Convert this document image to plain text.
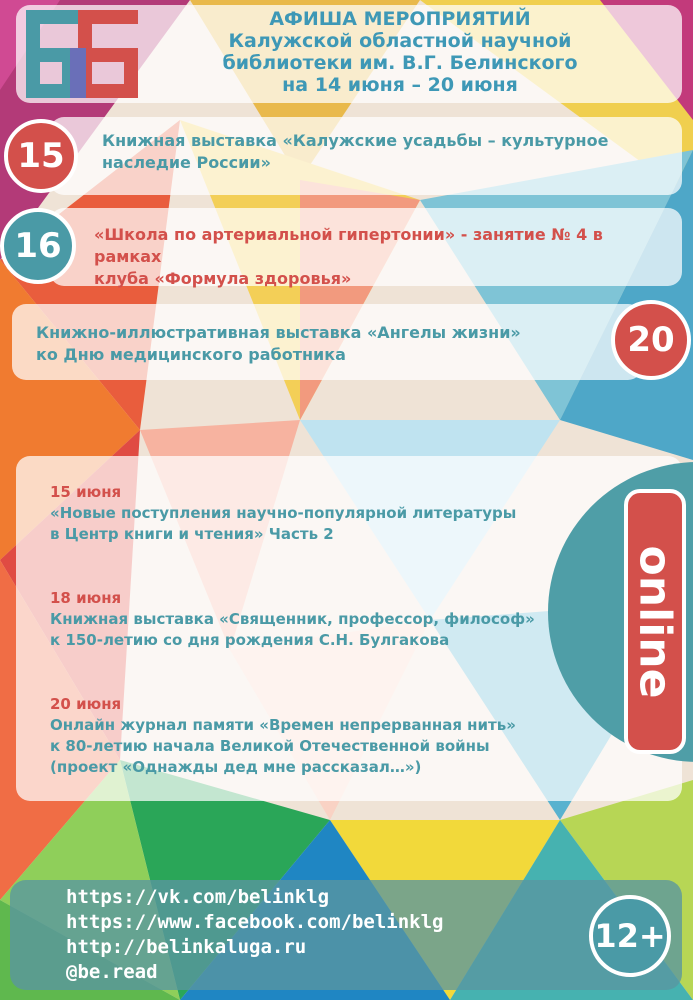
АФИША МЕРОПРИЯТИЙ
Калужской областной научной
библиотеки им. В.Г. Белинского
на 14 июня – 20 июня
15 Книжная выставка «Калужские усадьбы – культурное
наследие России»
16 «Школа по артериальной гипертонии» - занятие № 4 в рамках
клуба «Формула здоровья»
20
Книжно-иллюстративная выставка «Ангелы жизни»
ко Дню медицинского работника
15 июня
«Новые поступления научно-популярной литературы
в Центр книги и чтения» Часть 2
18 июня
Книжная выставка «Священник, профессор, философ»
к 150-летию со дня рождения С.Н. Булгакова
20 июня
Онлайн журнал памяти «Времен непрерванная нить»
к 80-летию начала Великой Отечественной войны
(проект «Однажды дед мне рассказал…»)
online
https://vk.com/belinklg
https://www.facebook.com/belinklg
http://belinkaluga.ru
@be.read
12+
